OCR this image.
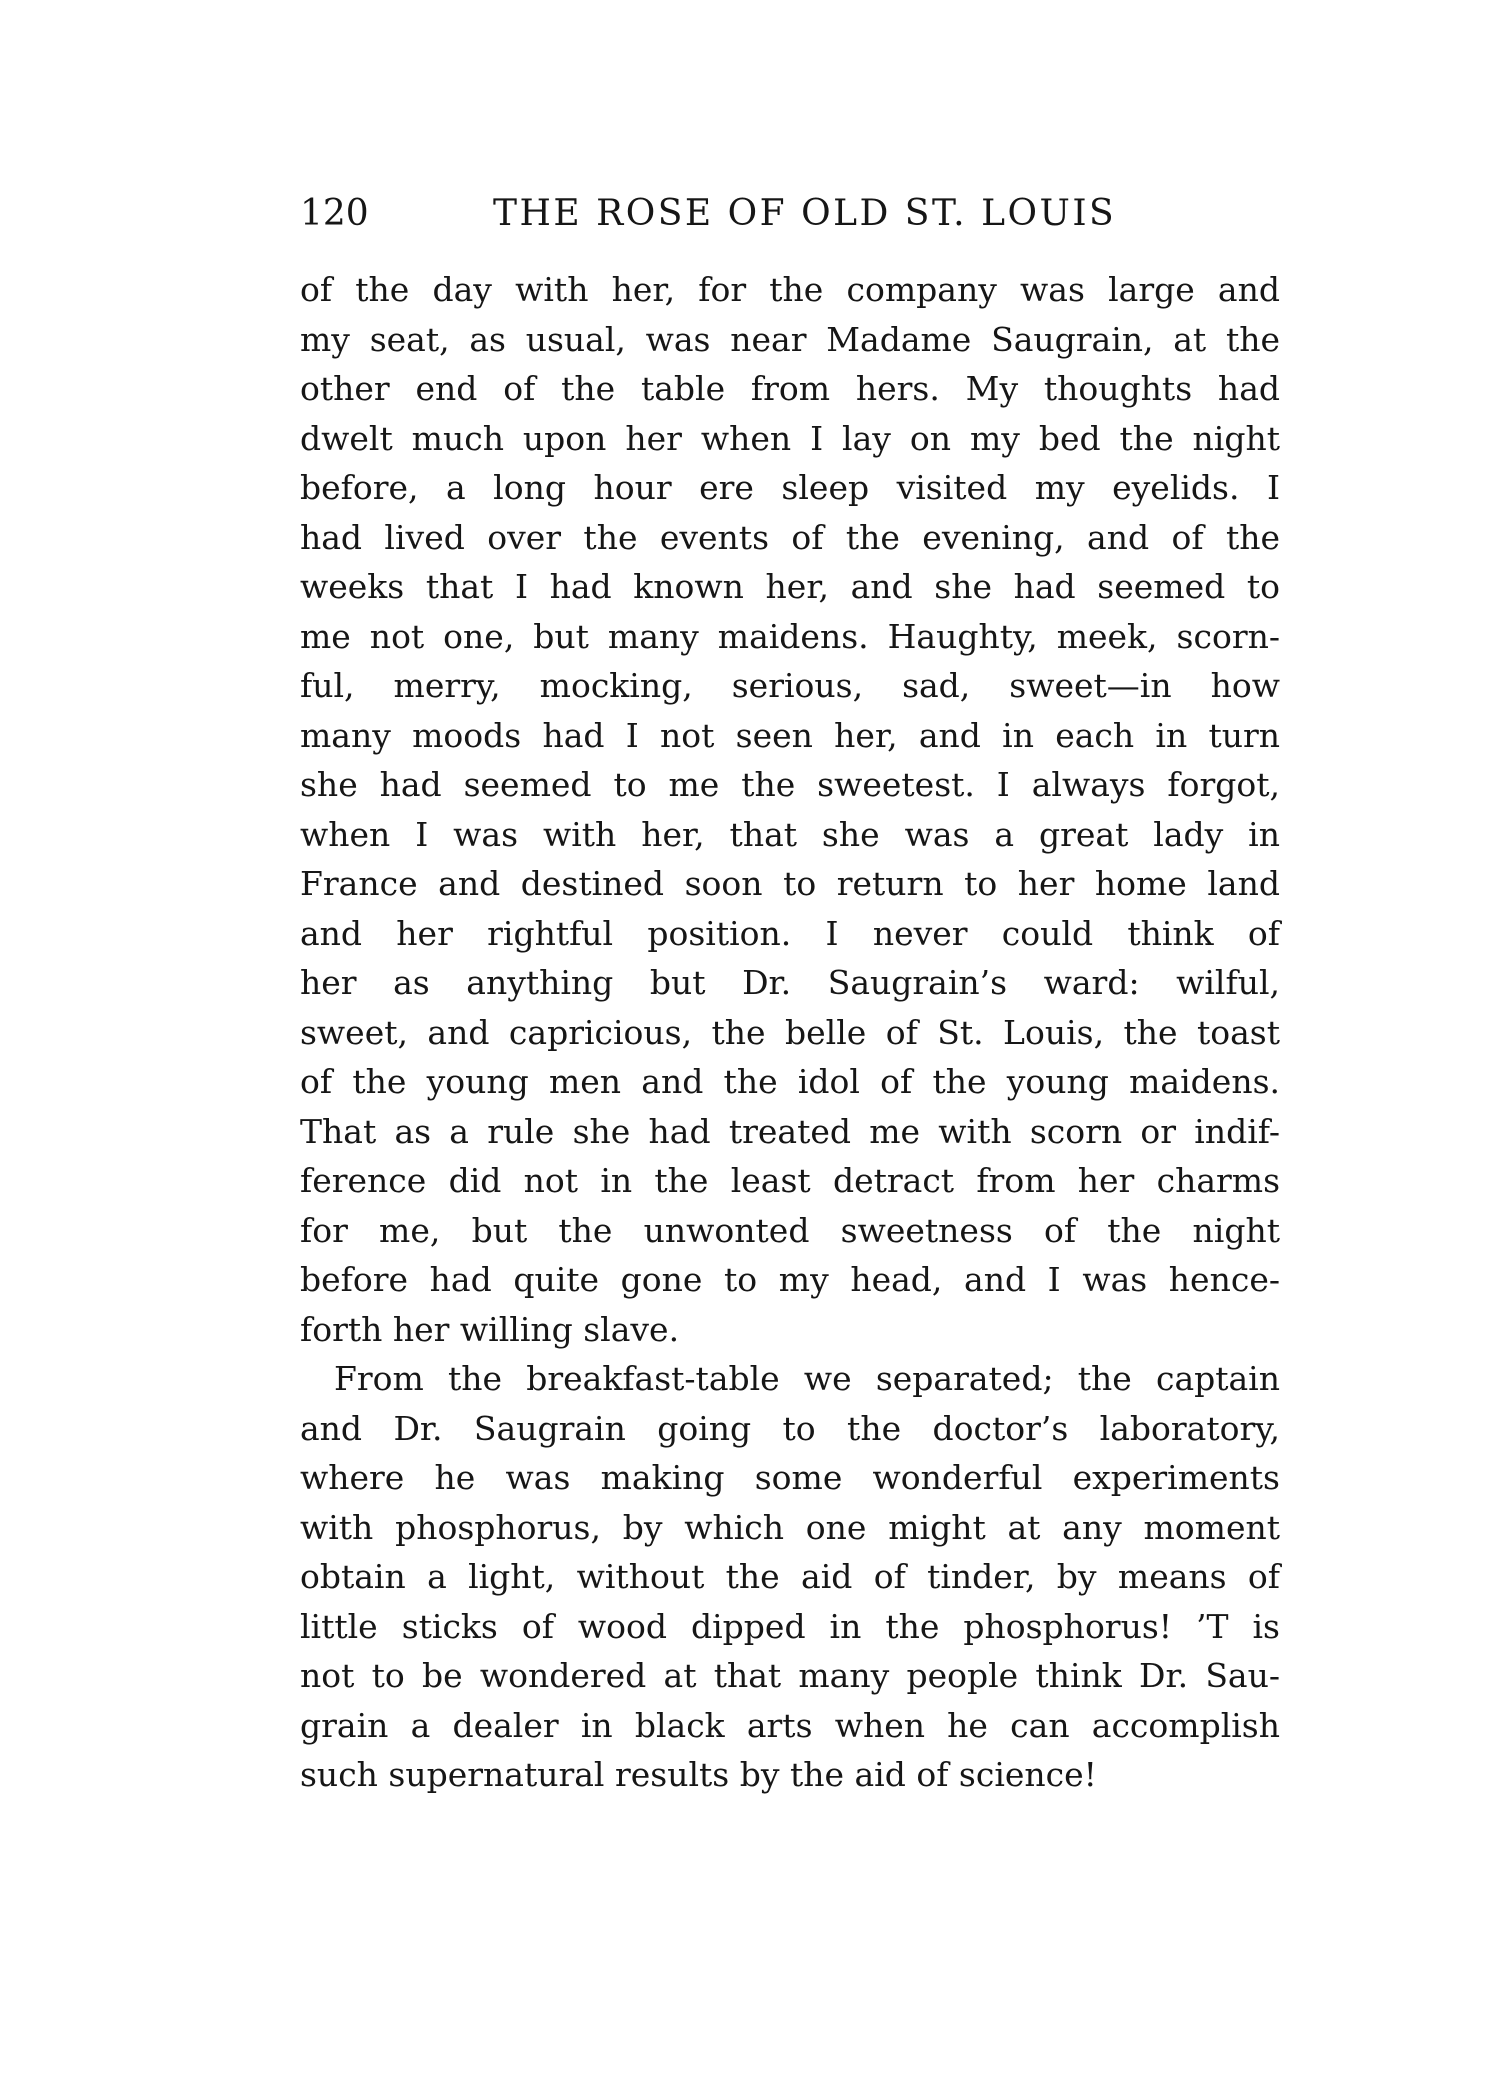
120	THE ROSE OF OLD ST. LOUIS
of the day with her, for the company was large and
my seat, as usual, was near Madame Saugrain, at the
other end of the table from hers. My thoughts had
dwelt much upon her when I lay on my bed the night
before, a long hour ere sleep visited my eyelids. I
had lived over the events of the evening, and of the
weeks that I had known her, and she had seemed to
me not one, but many maidens. Haughty, meek, scorn-
ful, merry, mocking, serious, sad, sweet—in how
many moods had I not seen her, and in each in turn
she had seemed to me the sweetest. I always forgot,
when I was with her, that she was a great lady in
France and destined soon to return to her home land
and her rightful position. I never could think of
her as anything but Dr. Saugrain’s ward: wilful,
sweet, and capricious, the belle of St. Louis, the toast
of the young men and the idol of the young maidens.
That as a rule she had treated me with scorn or indif-
ference did not in the least detract from her charms
for me, but the unwonted sweetness of the night
before had quite gone to my head, and I was hence-
forth her willing slave.
From the breakfast-table we separated; the captain
and Dr. Saugrain going to the doctor’s laboratory,
where he was making some wonderful experiments
with phosphorus, by which one might at any moment
obtain a light, without the aid of tinder, by means of
little sticks of wood dipped in the phosphorus! ’T is
not to be wondered at that many people think Dr. Sau-
grain a dealer in black arts when he can accomplish
such supernatural results by the aid of science!
